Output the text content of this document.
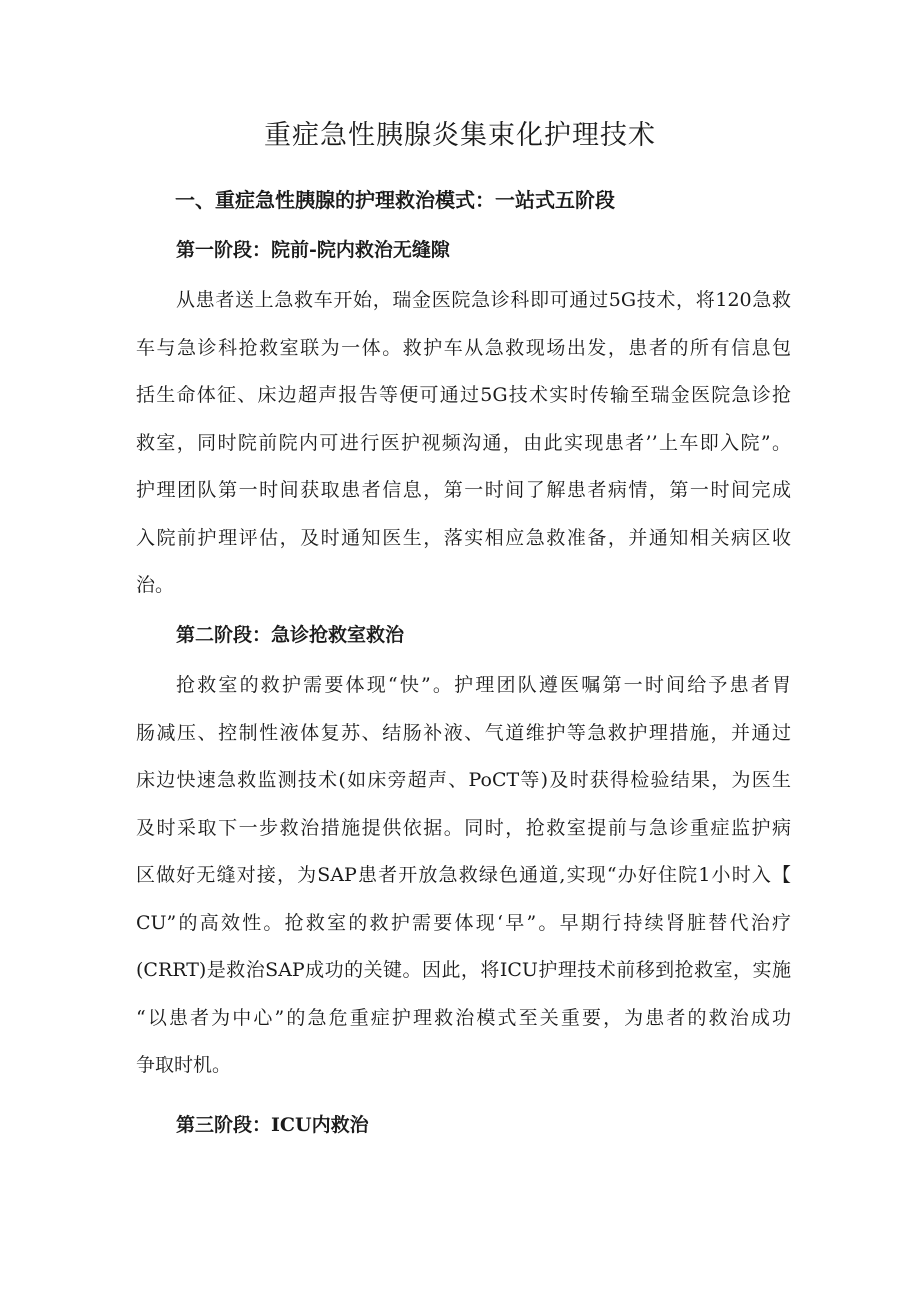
重症急性胰腺炎集束化护理技术
一、重症急性胰腺的护理救治模式：一站式五阶段
第一阶段：院前-院内救治无缝隙
从患者送上急救车开始，瑞金医院急诊科即可通过5G技术，将120急救
车与急诊科抢救室联为一体。救护车从急救现场出发，患者的所有信息包
括生命体征、床边超声报告等便可通过5G技术实时传输至瑞金医院急诊抢
救室，同时院前院内可进行医护视频沟通，由此实现患者’’上车即入院”。
护理团队第一时间获取患者信息，第一时间了解患者病情，第一时间完成
入院前护理评估，及时通知医生，落实相应急救准备，并通知相关病区收
治。
第二阶段：急诊抢救室救治
抢救室的救护需要体现“快”。护理团队遵医嘱第一时间给予患者胃
肠减压、控制性液体复苏、结肠补液、气道维护等急救护理措施，并通过
床边快速急救监测技术(如床旁超声、PoCT等)及时获得检验结果，为医生
及时采取下一步救治措施提供依据。同时，抢救室提前与急诊重症监护病
区做好无缝对接，为SAP患者开放急救绿色通道,实现“办好住院1小时入【
CU”的高效性。抢救室的救护需要体现‘早”。早期行持续肾脏替代治疗
(CRRT)是救治SAP成功的关键。因此，将ICU护理技术前移到抢救室，实施
“以患者为中心”的急危重症护理救治模式至关重要，为患者的救治成功
争取时机。
第三阶段：ICU内救治
